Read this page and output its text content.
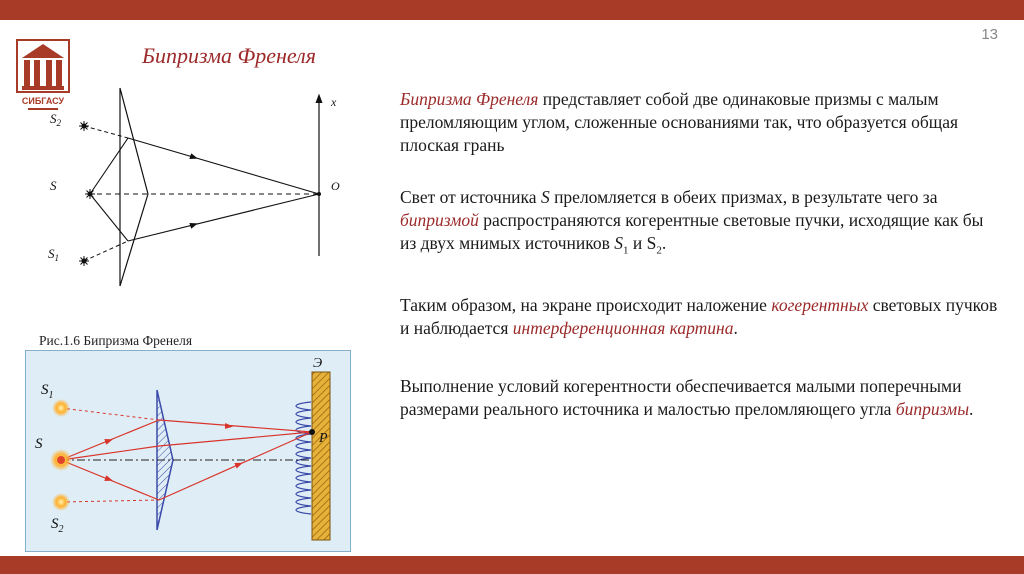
13
СИБГАСУ
Бипризма Френеля
$S_2$
S
$S_1$
x
O
Рис.1.6 Бипризма Френеля
$S_1$
S
$S_2$
Э
P

Бипризма Френеля представляет собой две одинаковые призмы с малым преломляющим углом, сложенные основаниями так, что образуется общая плоская грань

Свет от источника S преломляется в обеих призмах, в результате чего за бипризмой распространяются когерентные световые пучки, исходящие как бы из двух мнимых источников $S_1$ и $S_2$.

Таким образом, на экране происходит наложение когерентных световых пучков и наблюдается интерференционная картина.

Выполнение условий когерентности обеспечивается малыми поперечными размерами реального источника и малостью преломляющего угла бипризмы.
